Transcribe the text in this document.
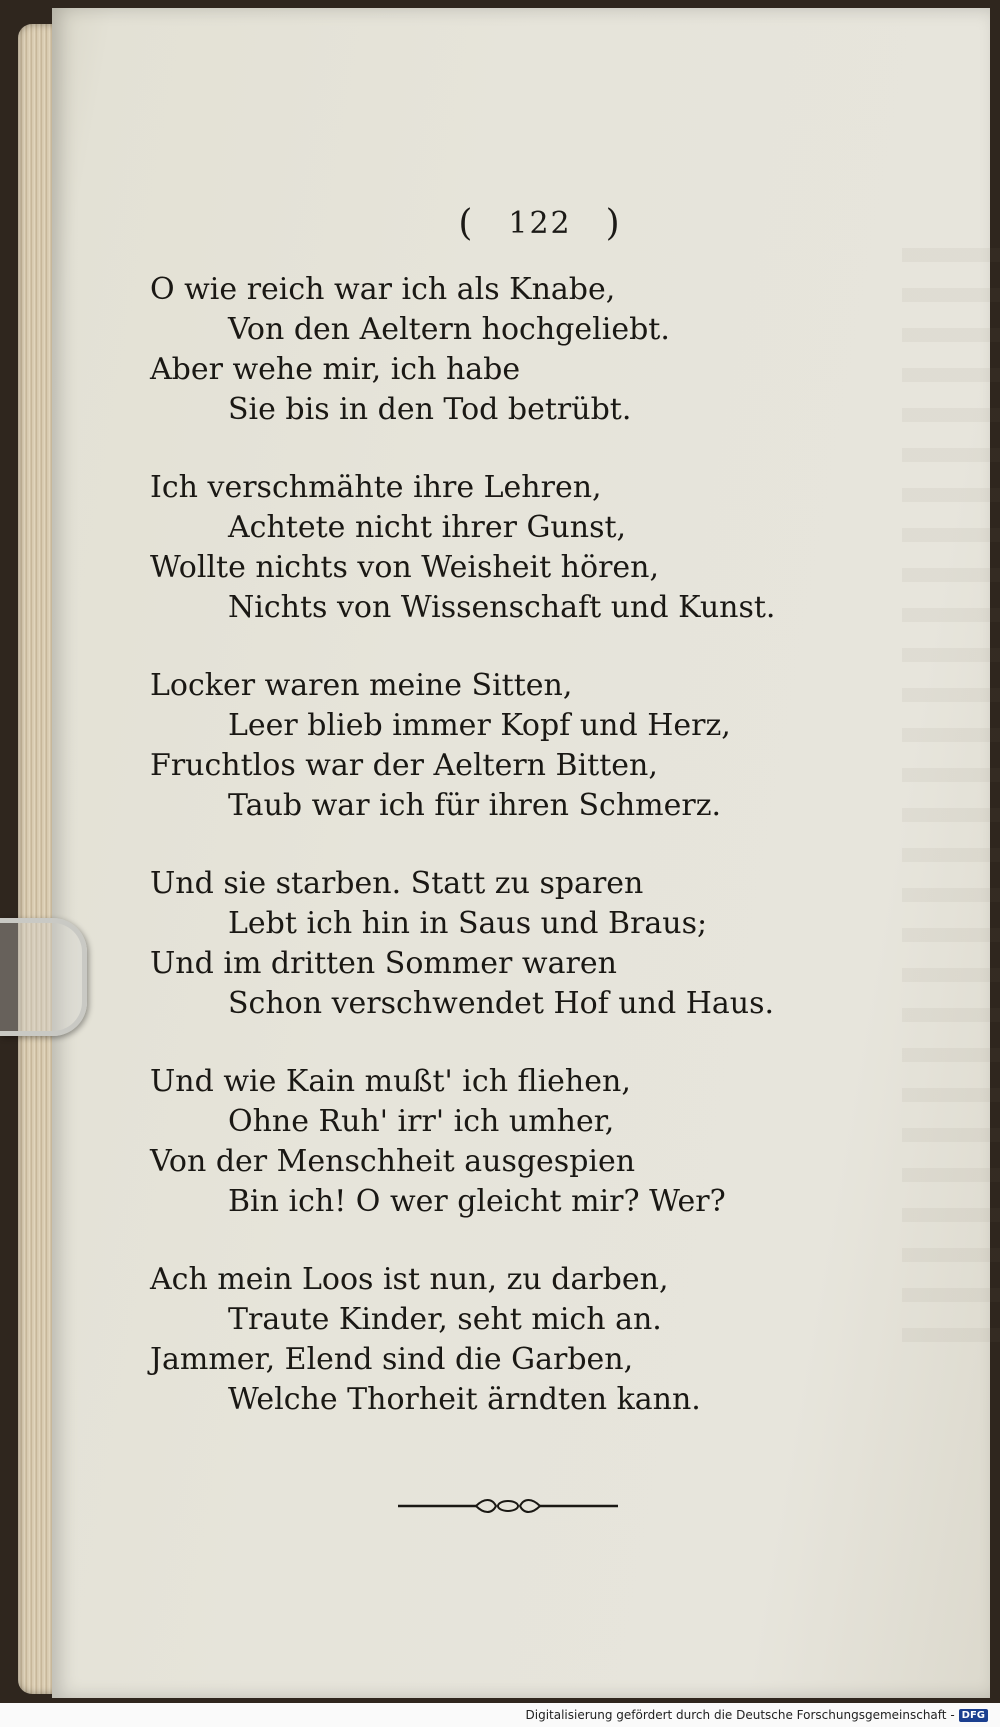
( 122 )
O wie reich war ich als Knabe,
Von den Aeltern hochgeliebt.
Aber wehe mir, ich habe
Sie bis in den Tod betrübt.
Ich verschmähte ihre Lehren,
Achtete nicht ihrer Gunst,
Wollte nichts von Weisheit hören,
Nichts von Wissenschaft und Kunst.
Locker waren meine Sitten,
Leer blieb immer Kopf und Herz,
Fruchtlos war der Aeltern Bitten,
Taub war ich für ihren Schmerz.
Und sie starben. Statt zu sparen
Lebt ich hin in Saus und Braus;
Und im dritten Sommer waren
Schon verschwendet Hof und Haus.
Und wie Kain mußt' ich fliehen,
Ohne Ruh' irr' ich umher,
Von der Menschheit ausgespien
Bin ich! O wer gleicht mir? Wer?
Ach mein Loos ist nun, zu darben,
Traute Kinder, seht mich an.
Jammer, Elend sind die Garben,
Welche Thorheit ärndten kann.
Digitalisierung gefördert durch die Deutsche Forschungsgemeinschaft - DFG
